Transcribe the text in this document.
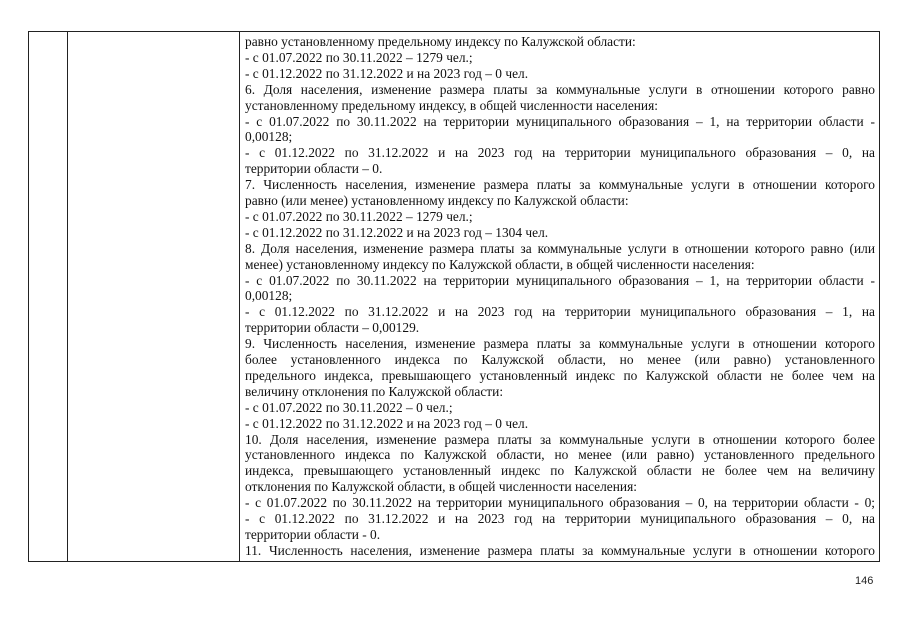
равно установленному предельному индексу по Калужской области:
- с 01.07.2022 по 30.11.2022 – 1279 чел.;
- с 01.12.2022 по 31.12.2022 и на 2023 год – 0 чел.
6. Доля населения, изменение размера платы за коммунальные услуги в отношении которого равно
установленному предельному индексу, в общей численности населения:
- с 01.07.2022 по 30.11.2022 на территории муниципального образования – 1, на территории области -
0,00128;
- с 01.12.2022 по 31.12.2022 и на 2023 год на территории муниципального образования – 0, на
территории области – 0.
7. Численность населения, изменение размера платы за коммунальные услуги в отношении которого
равно (или менее) установленному индексу по Калужской области:
- с 01.07.2022 по 30.11.2022 – 1279 чел.;
- с 01.12.2022 по 31.12.2022 и на 2023 год – 1304 чел.
8. Доля населения, изменение размера платы за коммунальные услуги в отношении которого равно (или
менее) установленному индексу по Калужской области, в общей численности населения:
- с 01.07.2022 по 30.11.2022 на территории муниципального образования – 1, на территории области -
0,00128;
- с 01.12.2022 по 31.12.2022 и на 2023 год на территории муниципального образования – 1, на
территории области – 0,00129.
9. Численность населения, изменение размера платы за коммунальные услуги в отношении которого
более установленного индекса по Калужской области, но менее (или равно) установленного
предельного индекса, превышающего установленный индекс по Калужской области не более чем на
величину отклонения по Калужской области:
- с 01.07.2022 по 30.11.2022 – 0 чел.;
- с 01.12.2022 по 31.12.2022 и на 2023 год – 0 чел.
10. Доля населения, изменение размера платы за коммунальные услуги в отношении которого более
установленного индекса по Калужской области, но менее (или равно) установленного предельного
индекса, превышающего установленный индекс по Калужской области не более чем на величину
отклонения по Калужской области, в общей численности населения:
- с 01.07.2022 по 30.11.2022 на территории муниципального образования – 0, на территории области - 0;
- с 01.12.2022 по 31.12.2022 и на 2023 год на территории муниципального образования – 0, на
территории области - 0.
11. Численность населения, изменение размера платы за коммунальные услуги в отношении которого
146
